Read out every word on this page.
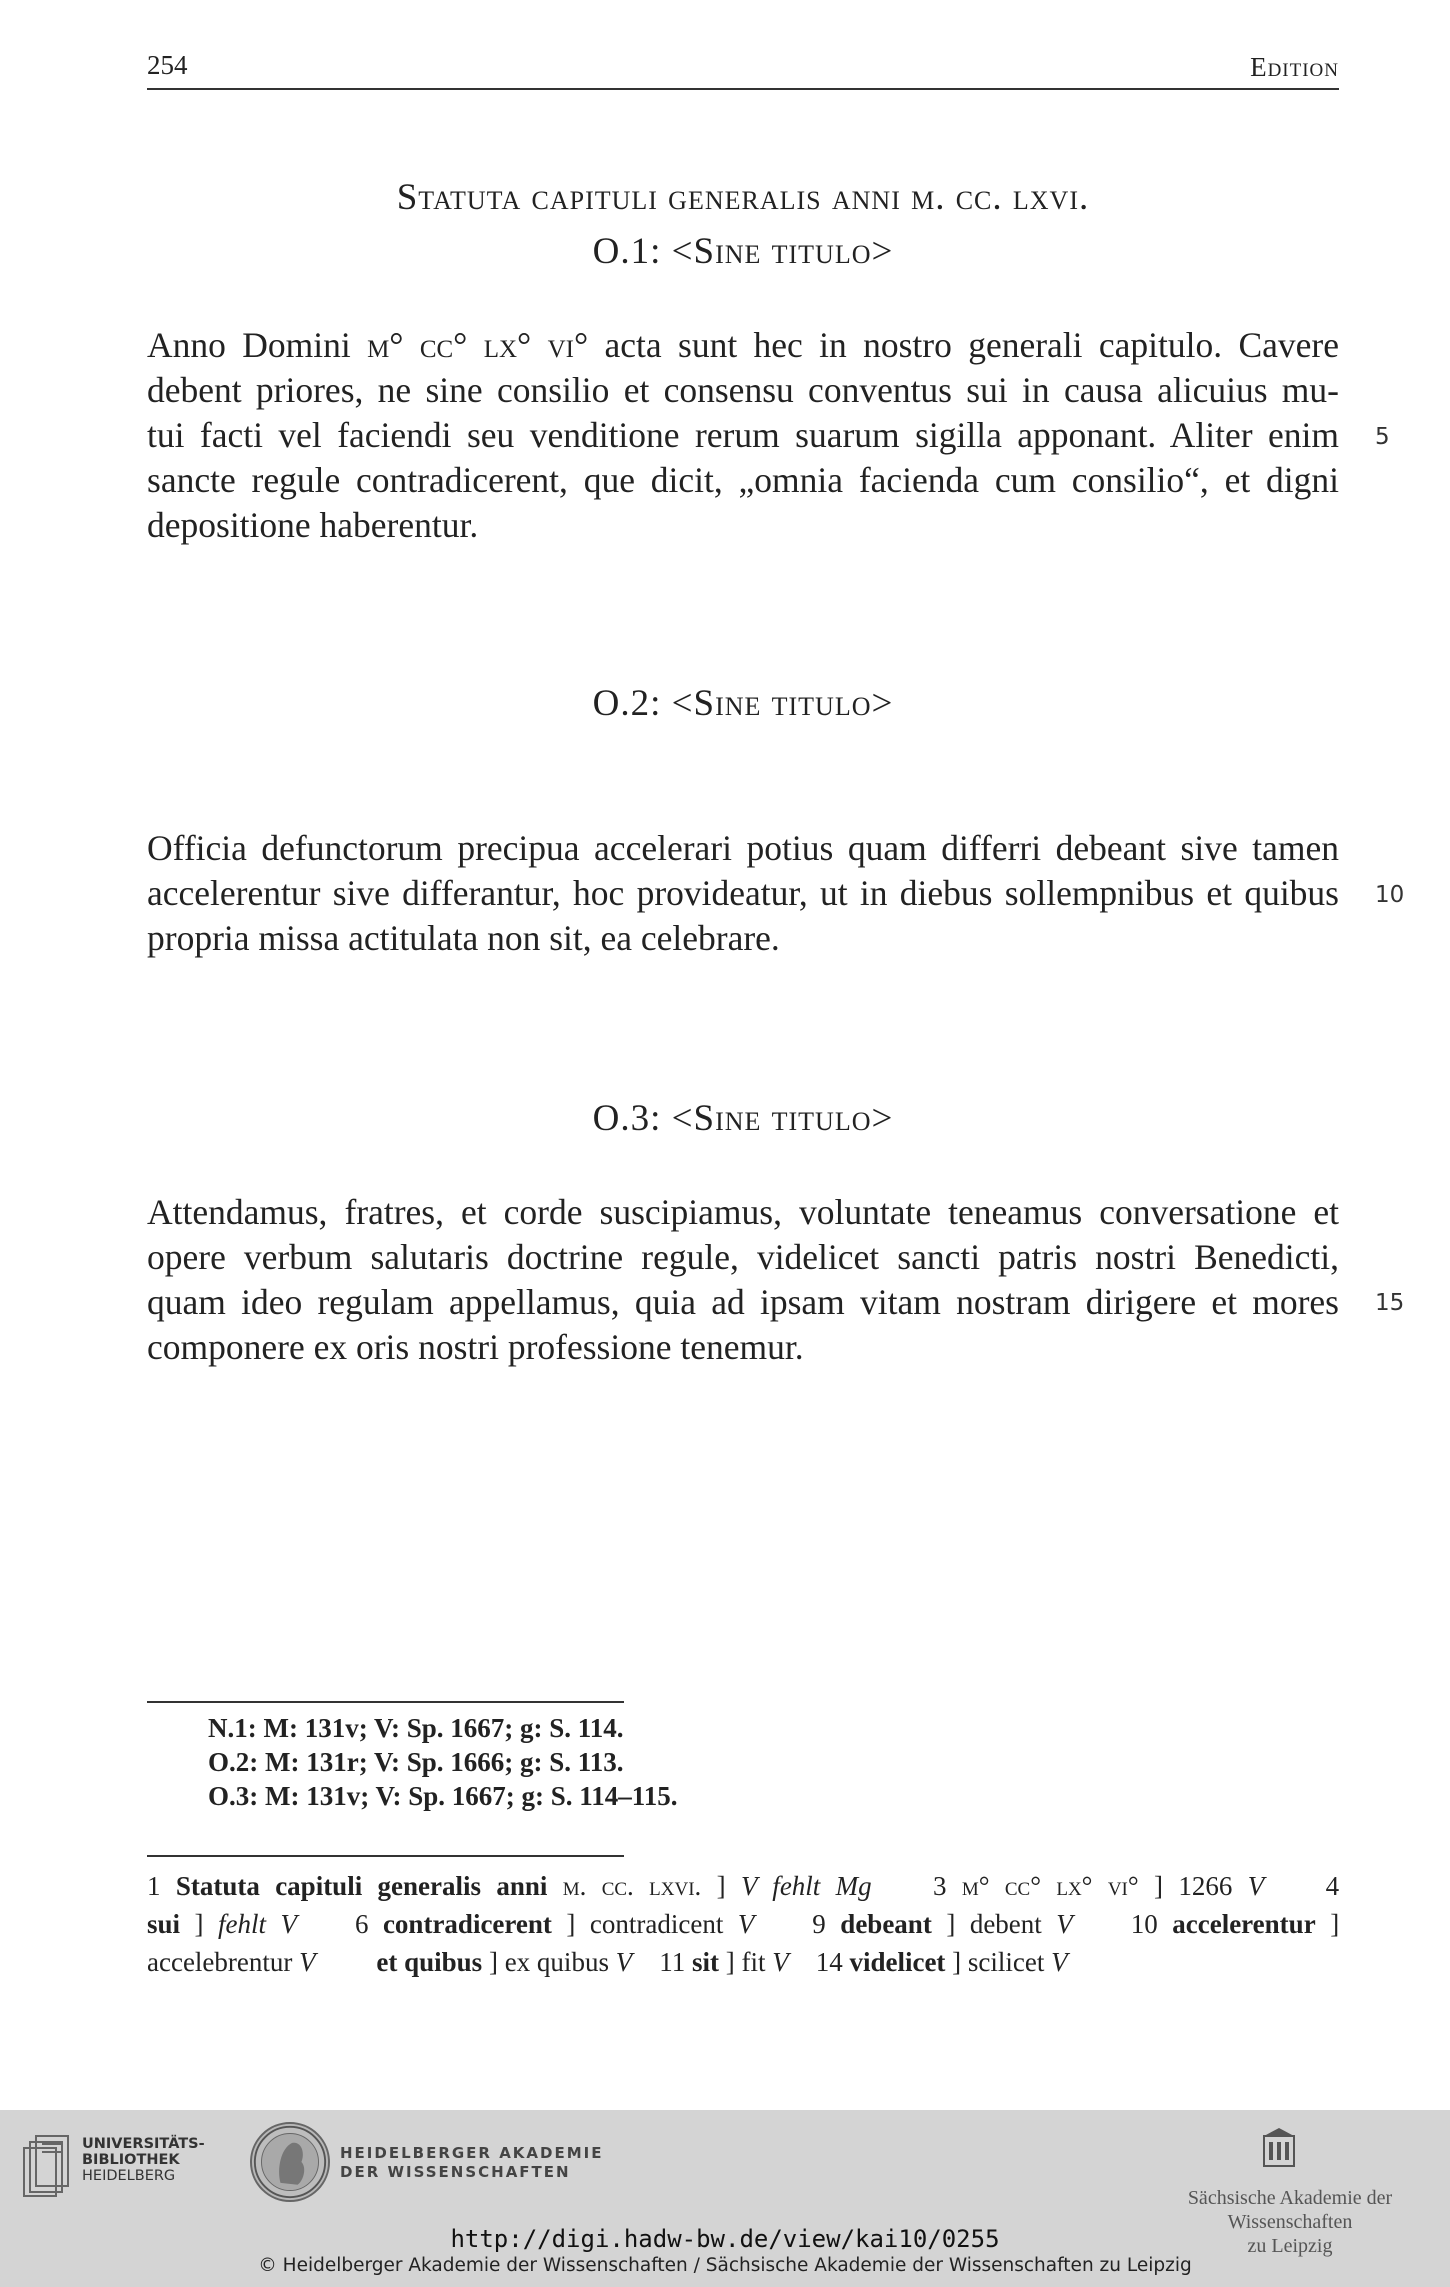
254	Edition
Statuta capituli generalis anni m. cc. lxvi.
O.1: <Sine titulo>
Anno Domini m° cc° lx° vi° acta sunt hec in nostro generali capitulo. Cavere
debent priores, ne sine consilio et consensu conventus sui in causa alicuius mu-
tui facti vel faciendi seu venditione rerum suarum sigilla apponant. Aliter enim
sancte regule contradicerent, que dicit, „omnia facienda cum consilio“, et digni
depositione haberentur.
5
O.2: <Sine titulo>
Officia defunctorum precipua accelerari potius quam differri debeant sive tamen
accelerentur sive differantur, hoc provideatur, ut in diebus sollempnibus et quibus
propria missa actitulata non sit, ea celebrare.
10
O.3: <Sine titulo>
Attendamus, fratres, et corde suscipiamus, voluntate teneamus conversatione et
opere verbum salutaris doctrine regule, videlicet sancti patris nostri Benedicti,
quam ideo regulam appellamus, quia ad ipsam vitam nostram dirigere et mores
componere ex oris nostri professione tenemur.
15
N.1: M: 131v; V: Sp. 1667; g: S. 114.
O.2: M: 131r; V: Sp. 1666; g: S. 113.
O.3: M: 131v; V: Sp. 1667; g: S. 114–115.
1 Statuta capituli generalis anni m. cc. lxvi. ] V fehlt Mg 3 m° cc° lx° vi° ] 1266 V 4
sui ] fehlt V 6 contradicerent ] contradicent V 9 debeant ] debent V 10 accelerentur ]
accelebrentur V et quibus ] ex quibus V 11 sit ] fit V 14 videlicet ] scilicet V
UNIVERSITÄTS-
BIBLIOTHEK
HEIDELBERG
HEIDELBERGER AKADEMIE
DER WISSENSCHAFTEN
Sächsische Akademie der Wissenschaften
zu Leipzig
http://digi.hadw-bw.de/view/kai10/0255
© Heidelberger Akademie der Wissenschaften / Sächsische Akademie der Wissenschaften zu Leipzig
